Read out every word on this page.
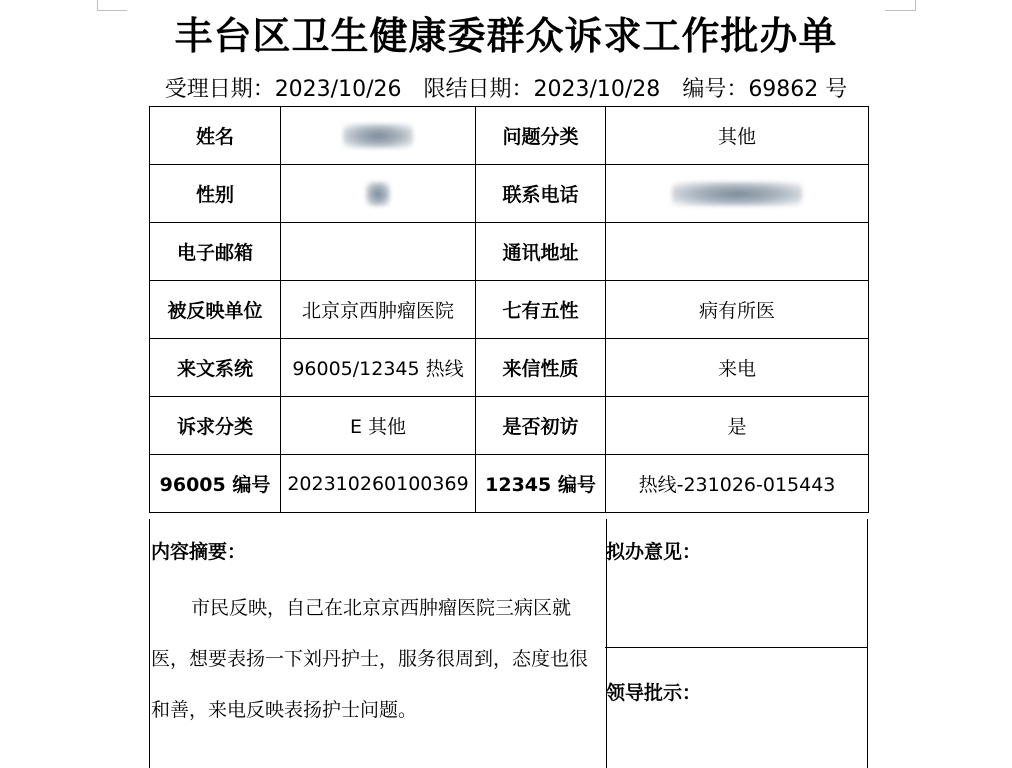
丰台区卫生健康委群众诉求工作批办单
受理日期：2023/10/26 限结日期：2023/10/28 编号：69862 号
姓名		问题分类	其他
性别		联系电话	
电子邮箱		通讯地址	
被反映单位	北京京西肿瘤医院	七有五性	病有所医
来文系统	96005/12345 热线	来信性质	来电
诉求分类	E 其他	是否初访	是
96005 编号	202310260100369	12345 编号	热线-231026-015443
内容摘要：
市民反映，自己在北京京西肿瘤医院三病区就医，想要表扬一下刘丹护士，服务很周到，态度也很和善，来电反映表扬护士问题。
拟办意见：
领导批示：
